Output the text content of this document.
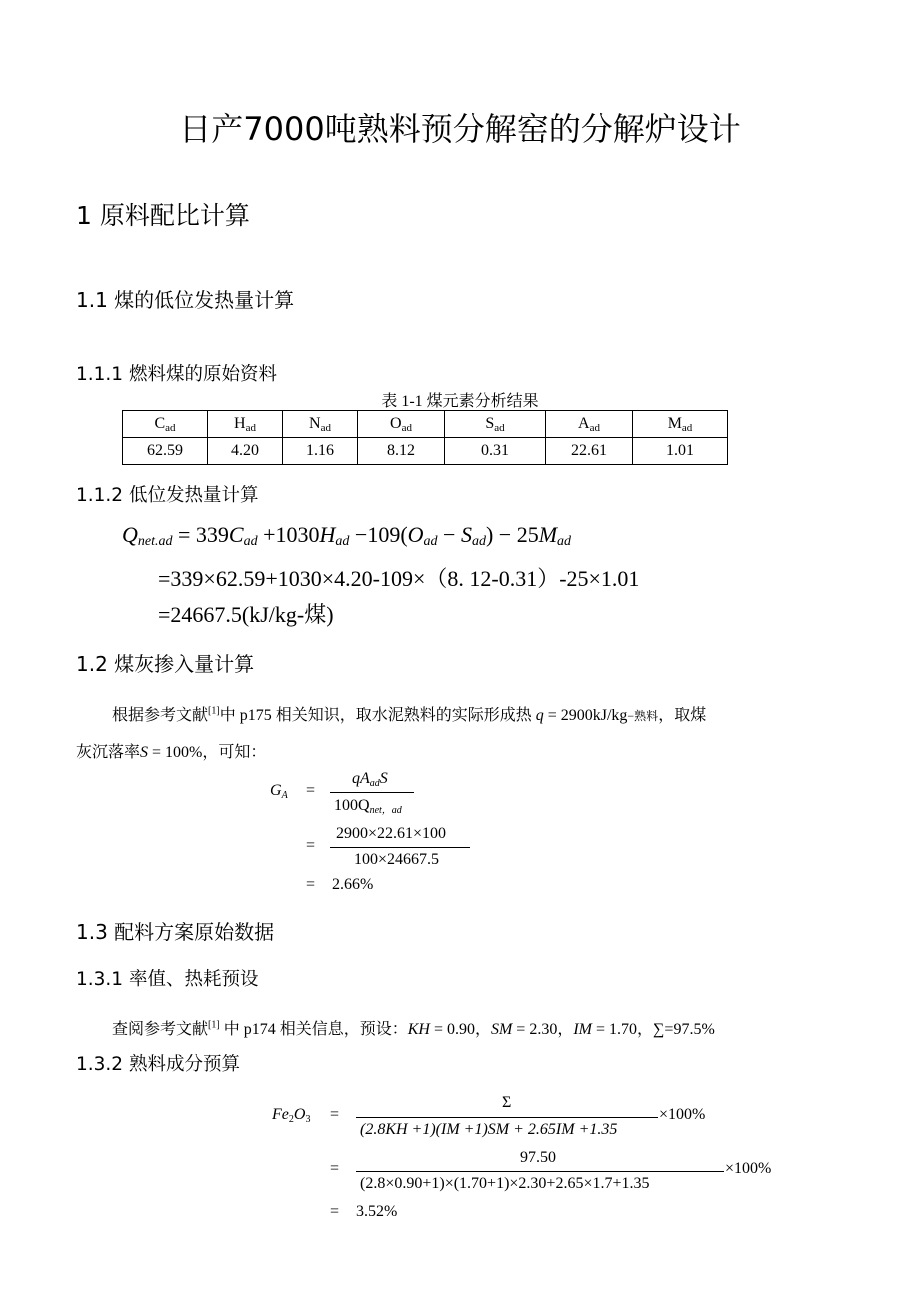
日产7000吨熟料预分解窑的分解炉设计
1 原料配比计算
1.1 煤的低位发热量计算
1.1.1 燃料煤的原始资料
表 1-1 煤元素分析结果
$C_{ad}$	$H_{ad}$	$N_{ad}$	$O_{ad}$	$S_{ad}$	$A_{ad}$	$M_{ad}$
62.59	4.20	1.16	8.12	0.31	22.61	1.01
1.1.2 低位发热量计算
$Q_{net.ad} = 339C_{ad} +1030H_{ad} -109(O_{ad} - S_{ad}) - 25M_{ad}$
=339×62.59+1030×4.20-109×（8. 12-0.31）-25×1.01
=24667.5(kJ/kg-煤)
1.2 煤灰掺入量计算
根据参考文献[1]中 p175 相关知识，取水泥熟料的实际形成热 q = 2900kJ/kg−熟料，取煤
灰沉落率S = 100%，可知：
$G_A$ =
$qA_{ad}S$
$100Q_{net,ad}$
=
2900×22.61×100
100×24667.5
= 2.66%
1.3 配料方案原始数据
1.3.1 率值、热耗预设
查阅参考文献[1] 中 p174 相关信息，预设：KH = 0.90，SM = 2.30，IM = 1.70，∑=97.5%
1.3.2 熟料成分预算
$Fe_2O_3$ =
Σ
(2.8KH +1)(IM +1)SM + 2.65IM +1.35
×100%
=
97.50
(2.8×0.90+1)×(1.70+1)×2.30+2.65×1.7+1.35
×100%
= 3.52%
